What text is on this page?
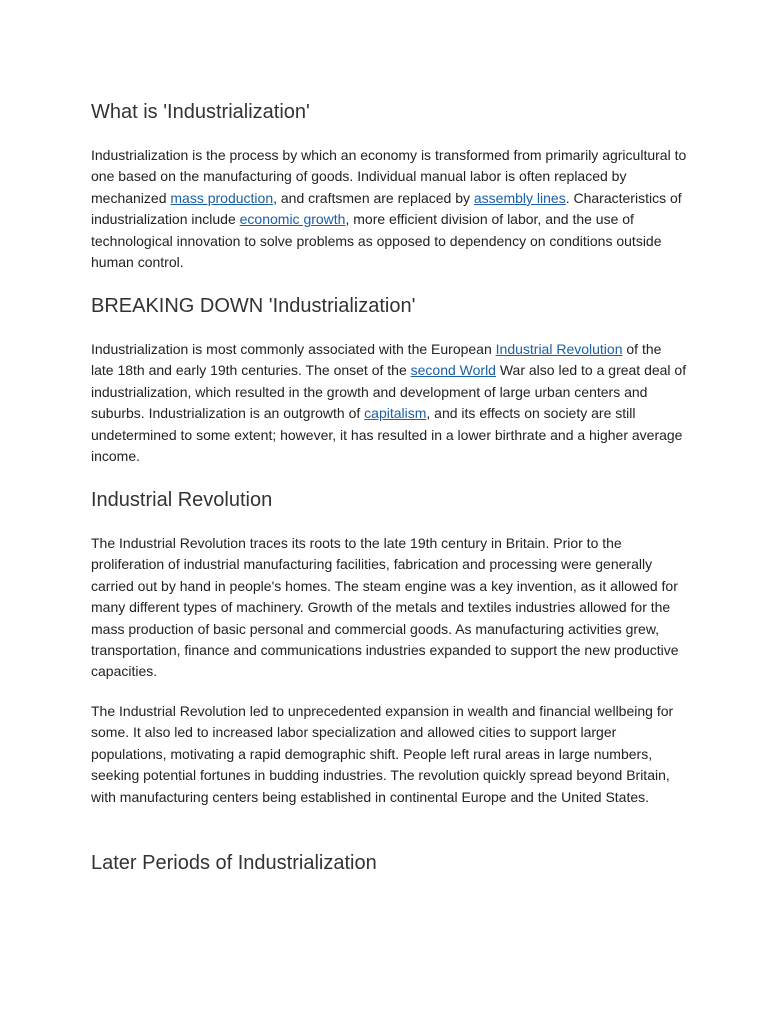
What is 'Industrialization'

Industrialization is the process by which an economy is transformed from primarily agricultural to one based on the manufacturing of goods. Individual manual labor is often replaced by mechanized mass production, and craftsmen are replaced by assembly lines. Characteristics of industrialization include economic growth, more efficient division of labor, and the use of technological innovation to solve problems as opposed to dependency on conditions outside human control.

BREAKING DOWN 'Industrialization'

Industrialization is most commonly associated with the European Industrial Revolution of the late 18th and early 19th centuries. The onset of the second World War also led to a great deal of industrialization, which resulted in the growth and development of large urban centers and suburbs. Industrialization is an outgrowth of capitalism, and its effects on society are still undetermined to some extent; however, it has resulted in a lower birthrate and a higher average income.

Industrial Revolution

The Industrial Revolution traces its roots to the late 19th century in Britain. Prior to the proliferation of industrial manufacturing facilities, fabrication and processing were generally carried out by hand in people's homes. The steam engine was a key invention, as it allowed for many different types of machinery. Growth of the metals and textiles industries allowed for the mass production of basic personal and commercial goods. As manufacturing activities grew, transportation, finance and communications industries expanded to support the new productive capacities.

The Industrial Revolution led to unprecedented expansion in wealth and financial wellbeing for some. It also led to increased labor specialization and allowed cities to support larger populations, motivating a rapid demographic shift. People left rural areas in large numbers, seeking potential fortunes in budding industries. The revolution quickly spread beyond Britain, with manufacturing centers being established in continental Europe and the United States.

Later Periods of Industrialization
